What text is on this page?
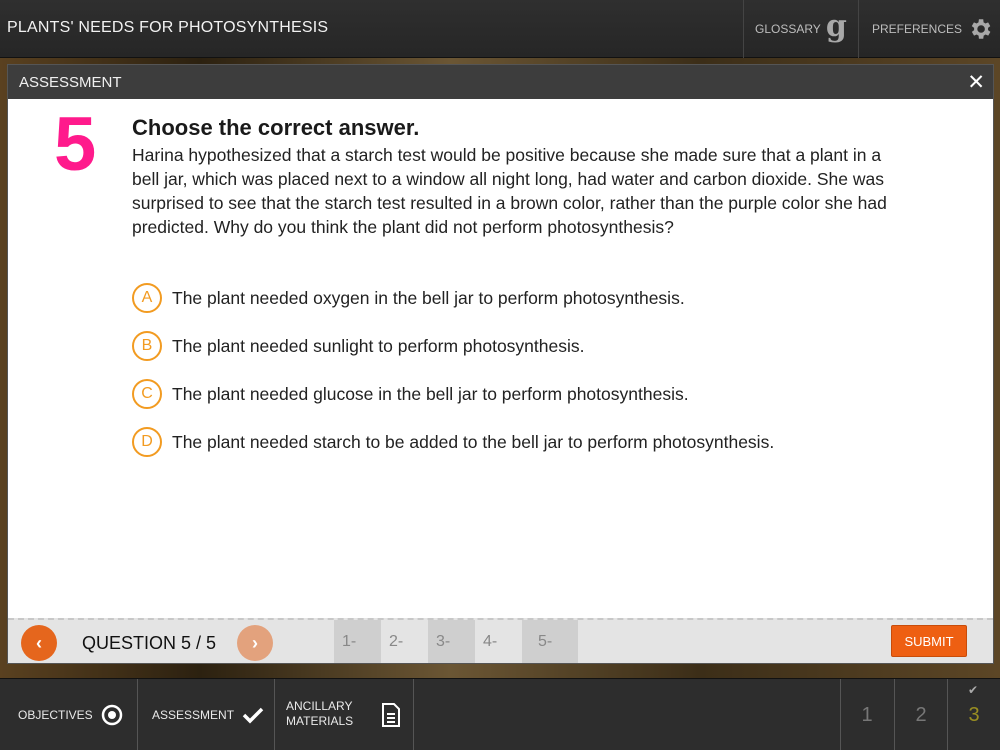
PLANTS' NEEDS FOR PHOTOSYNTHESIS	GLOSSARY g PREFERENCES
ASSESSMENT	✕
5 Choose the correct answer.
Harina hypothesized that a starch test would be positive because she made sure that a plant in a bell jar, which was placed next to a window all night long, had water and carbon dioxide. She was surprised to see that the starch test resulted in a brown color, rather than the purple color she had predicted. Why do you think the plant did not perform photosynthesis?
A	The plant needed oxygen in the bell jar to perform photosynthesis.
B	The plant needed sunlight to perform photosynthesis.
C	The plant needed glucose in the bell jar to perform photosynthesis.
D	The plant needed starch to be added to the bell jar to perform photosynthesis.
‹ QUESTION 5 / 5 ›	1-	2-	3-	4-	5-	SUBMIT
OBJECTIVES	ASSESSMENT
ANCILLARY
MATERIALS	1	2
✔
3
